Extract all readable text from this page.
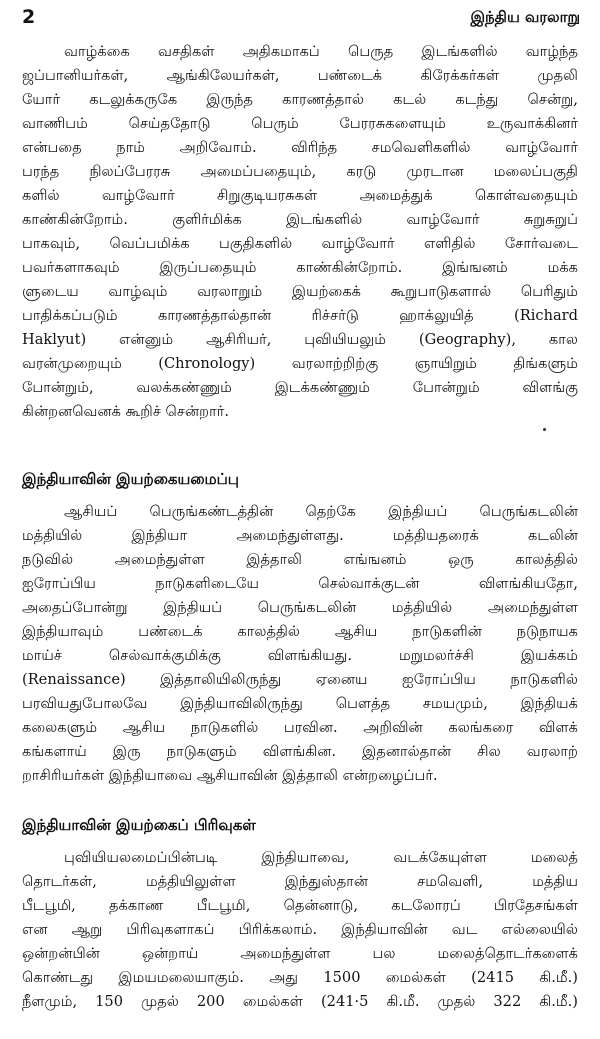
2	இந்திய வரலாறு
வாழ்க்கை வசதிகள் அதிகமாகப் பெருத இடங்களில் வாழ்ந்த
ஜப்பானியர்கள், ஆங்கிலேயர்கள், பண்டைக் கிரேக்கர்கள் முதலி
யோர் கடலுக்கருகே இருந்த காரணத்தால் கடல் கடந்து சென்று,
வாணிபம் செய்ததோடு பெரும் பேரரசுகளையும் உருவாக்கினர்
என்பதை நாம் அறிவோம். விரிந்த சமவெளிகளில் வாழ்வோர்
பரந்த நிலப்பேரரசு அமைப்பதையும், கரடு முரடான மலைப்பகுதி
களில் வாழ்வோர் சிறுகுடியரசுகள் அமைத்துக் கொள்வதையும்
காண்கின்றோம். குளிர்மிக்க இடங்களில் வாழ்வோர் சுறுசுறுப்
பாகவும், வெப்பமிக்க பகுதிகளில் வாழ்வோர் எளிதில் சோர்வடை
பவர்களாகவும் இருப்பதையும் காண்கின்றோம். இங்ஙனம் மக்க
ளுடைய வாழ்வும் வரலாறும் இயற்கைக் கூறுபாடுகளால் பெரிதும்
பாதிக்கப்படும் காரணத்தால்தான் ரிச்சர்டு ஹாக்லுயித் (Richard
Haklyut) என்னும் ஆசிரியர், புவியியலும் (Geography), கால
வரன்முறையும் (Chronology) வரலாற்றிற்கு ஞாயிறும் திங்களும்
போன்றும், வலக்கண்ணும் இடக்கண்ணும் போன்றும் விளங்கு
கின்றனவெனக் கூறிச் சென்றார்.
இந்தியாவின் இயற்கையமைப்பு
ஆசியப் பெருங்கண்டத்தின் தெற்கே இந்தியப் பெருங்கடலின்
மத்தியில் இந்தியா அமைந்துள்ளது. மத்தியதரைக் கடலின்
நடுவில் அமைந்துள்ள இத்தாலி எங்ஙனம் ஒரு காலத்தில்
ஐரோப்பிய நாடுகளிடையே செல்வாக்குடன் விளங்கியதோ,
அதைப்போன்று இந்தியப் பெருங்கடலின் மத்தியில் அமைந்துள்ள
இந்தியாவும் பண்டைக் காலத்தில் ஆசிய நாடுகளின் நடுநாயக
மாய்ச் செல்வாக்குமிக்கு விளங்கியது. மறுமலர்ச்சி இயக்கம்
(Renaissance) இத்தாலியிலிருந்து ஏனைய ஐரோப்பிய நாடுகளில்
பரவியதுபோலவே இந்தியாவிலிருந்து பௌத்த சமயமும், இந்தியக்
கலைகளும் ஆசிய நாடுகளில் பரவின. அறிவின் கலங்கரை விளக்
கங்களாய் இரு நாடுகளும் விளங்கின. இதனால்தான் சில வரலாற்
றாசிரியர்கள் இந்தியாவை ஆசியாவின் இத்தாலி என்றழைப்பர்.
இந்தியாவின் இயற்கைப் பிரிவுகள்
புவியியலமைப்பின்படி இந்தியாவை, வடக்கேயுள்ள மலைத்
தொடர்கள், மத்தியிலுள்ள இந்துஸ்தான் சமவெளி, மத்திய
பீடபூமி, தக்காண பீடபூமி, தென்னாடு, கடலோரப் பிரதேசங்கள்
என ஆறு பிரிவுகளாகப் பிரிக்கலாம். இந்தியாவின் வட எல்லையில்
ஒன்றன்பின் ஒன்றாய் அமைந்துள்ள பல மலைத்தொடர்களைக்
கொண்டது இமயமலையாகும். அது 1500 மைல்கள் (2415 கி.மீ.)
நீளமும், 150 முதல் 200 மைல்கள் (241·5 கி.மீ. முதல் 322 கி.மீ.)
